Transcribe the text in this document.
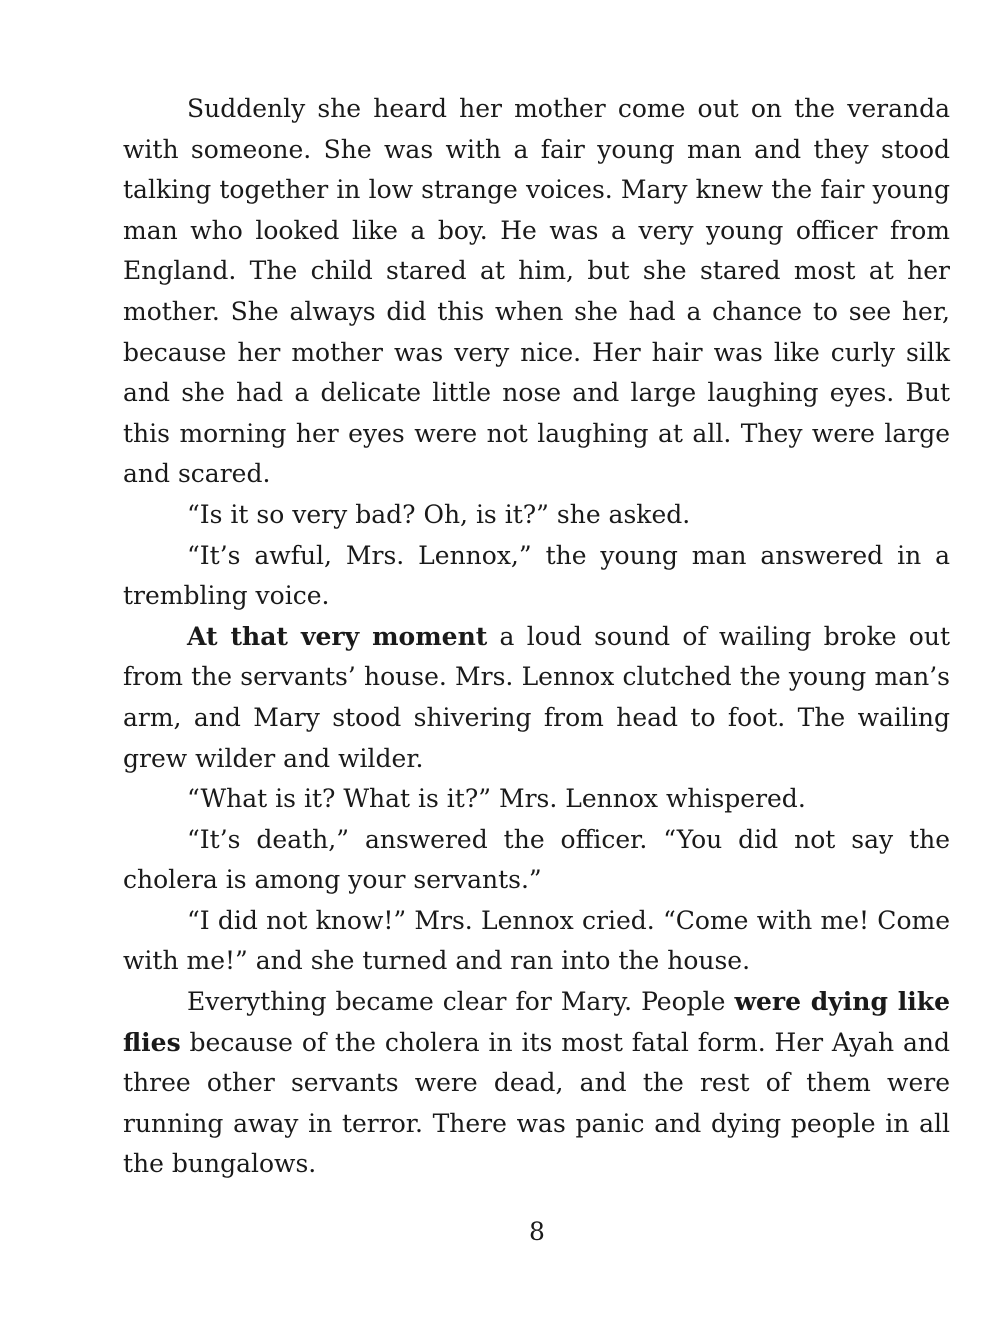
Suddenly she heard her mother come out on the veranda with someone. She was with a fair young man and they stood talking together in low strange voices. Mary knew the fair young man who looked like a boy. He was a very young officer from England. The child stared at him, but she stared most at her mother. She always did this when she had a chance to see her, because her mother was very nice. Her hair was like curly silk and she had a delicate little nose and large laughing eyes. But this morning her eyes were not laughing at all. They were large and scared.

“Is it so very bad? Oh, is it?” she asked.

“It’s awful, Mrs. Lennox,” the young man answered in a trembling voice.

At that very moment a loud sound of wailing broke out from the servants’ house. Mrs. Lennox clutched the young man’s arm, and Mary stood shivering from head to foot. The wailing grew wilder and wilder.

“What is it? What is it?” Mrs. Lennox whispered.

“It’s death,” answered the officer. “You did not say the cholera is among your servants.”

“I did not know!” Mrs. Lennox cried. “Come with me! Come with me!” and she turned and ran into the house.

Everything became clear for Mary. People were dying like flies because of the cholera in its most fatal form. Her Ayah and three other servants were dead, and the rest of them were running away in terror. There was panic and dying people in all the bungalows.

8
